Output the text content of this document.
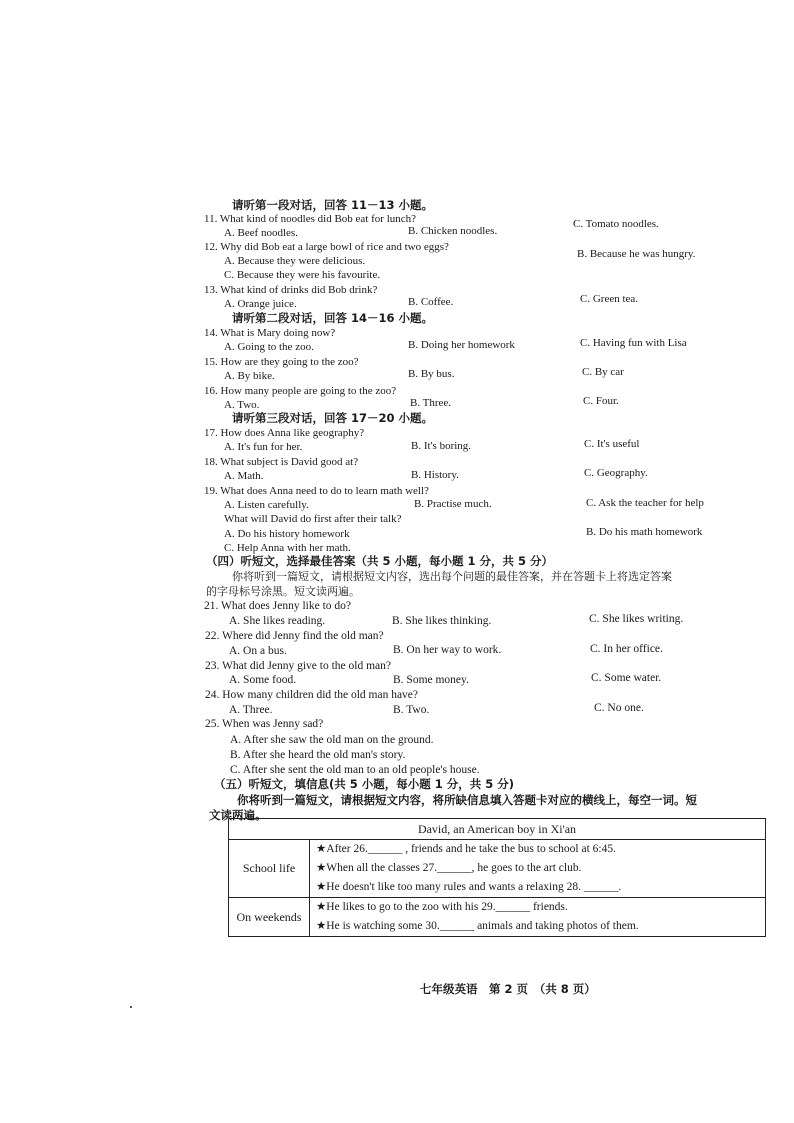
请听第一段对话，回答 11－13 小题。
11. What kind of noodles did Bob eat for lunch?
A. Beef noodles.	B. Chicken noodles.
C. Tomato noodles.
12. Why did Bob eat a large bowl of rice and two eggs?
A. Because they were delicious.
C. Because they were his favourite.
B. Because he was hungry.
13. What kind of drinks did Bob drink?
A. Orange juice.	B. Coffee.	C. Green tea.
请听第二段对话，回答 14－16 小题。
14. What is Mary doing now?
A. Going to the zoo.	B. Doing her homework	C. Having fun with Lisa
15. How are they going to the zoo?
A. By bike.	B. By bus.	C. By car
16. How many people are going to the zoo?
A. Two.	B. Three.	C. Four.
请听第三段对话，回答 17－20 小题。
17. How does Anna like geography?
A. It's fun for her.	B. It's boring.	C. It's useful
18. What subject is David good at?
A. Math.	B. History.	C. Geography.
19. What does Anna need to do to learn math well?
A. Listen carefully.	B. Practise much.	C. Ask the teacher for help
What will David do first after their talk?
A. Do his history homework
C. Help Anna with her math.
B. Do his math homework
（四）听短文，选择最佳答案（共 5 小题，每小题 1 分，共 5 分）
你将听到一篇短文，请根据短文内容，选出每个问题的最佳答案，并在答题卡上将选定答案
的字母标号涂黑。短文读两遍。
21. What does Jenny like to do?
A. She likes reading.	B. She likes thinking.	C. She likes writing.
22. Where did Jenny find the old man?
A. On a bus.	B. On her way to work.	C. In her office.
23. What did Jenny give to the old man?
A. Some food.	B. Some money.	C. Some water.
24. How many children did the old man have?
A. Three.	B. Two.	C. No one.
25. When was Jenny sad?
A. After she saw the old man on the ground.
B. After she heard the old man's story.
C. After she sent the old man to an old people's house.
（五）听短文，填信息(共 5 小题，每小题 1 分，共 5 分)
你将听到一篇短文，请根据短文内容，将所缺信息填入答题卡对应的横线上，每空一词。短
文读两遍。
David, an American boy in Xi'an	
School life	★After 26.______ , friends and he take the bus to school at 6:45.
★When all the classes 27.______, he goes to the art club.
★He doesn't like too many rules and wants a relaxing 28. ______.

On weekends	★He likes to go to the zoo with his 29.______ friends.
★He is watching some 30.______ animals and taking photos of them.
七年级英语　第 2 页　（共 8 页）
